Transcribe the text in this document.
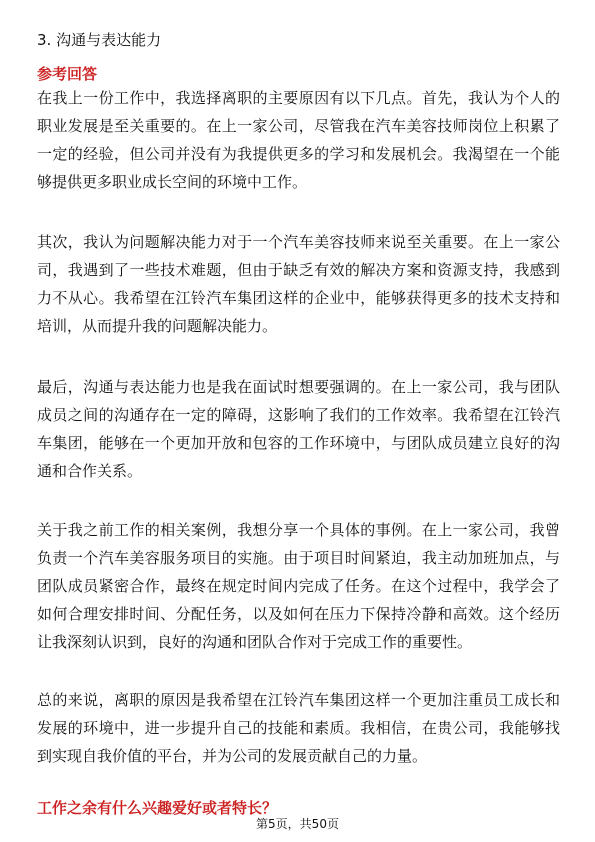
3. 沟通与表达能力
参考回答

在我上一份工作中，我选择离职的主要原因有以下几点。首先，我认为个人的职业发展是至关重要的。在上一家公司，尽管我在汽车美容技师岗位上积累了一定的经验，但公司并没有为我提供更多的学习和发展机会。我渴望在一个能够提供更多职业成长空间的环境中工作。

其次，我认为问题解决能力对于一个汽车美容技师来说至关重要。在上一家公司，我遇到了一些技术难题，但由于缺乏有效的解决方案和资源支持，我感到力不从心。我希望在江铃汽车集团这样的企业中，能够获得更多的技术支持和培训，从而提升我的问题解决能力。

最后，沟通与表达能力也是我在面试时想要强调的。在上一家公司，我与团队成员之间的沟通存在一定的障碍，这影响了我们的工作效率。我希望在江铃汽车集团，能够在一个更加开放和包容的工作环境中，与团队成员建立良好的沟通和合作关系。

关于我之前工作的相关案例，我想分享一个具体的事例。在上一家公司，我曾负责一个汽车美容服务项目的实施。由于项目时间紧迫，我主动加班加点，与团队成员紧密合作，最终在规定时间内完成了任务。在这个过程中，我学会了如何合理安排时间、分配任务，以及如何在压力下保持冷静和高效。这个经历让我深刻认识到，良好的沟通和团队合作对于完成工作的重要性。

总的来说，离职的原因是我希望在江铃汽车集团这样一个更加注重员工成长和发展的环境中，进一步提升自己的技能和素质。我相信，在贵公司，我能够找到实现自我价值的平台，并为公司的发展贡献自己的力量。

工作之余有什么兴趣爱好或者特长？
第5页，共50页
